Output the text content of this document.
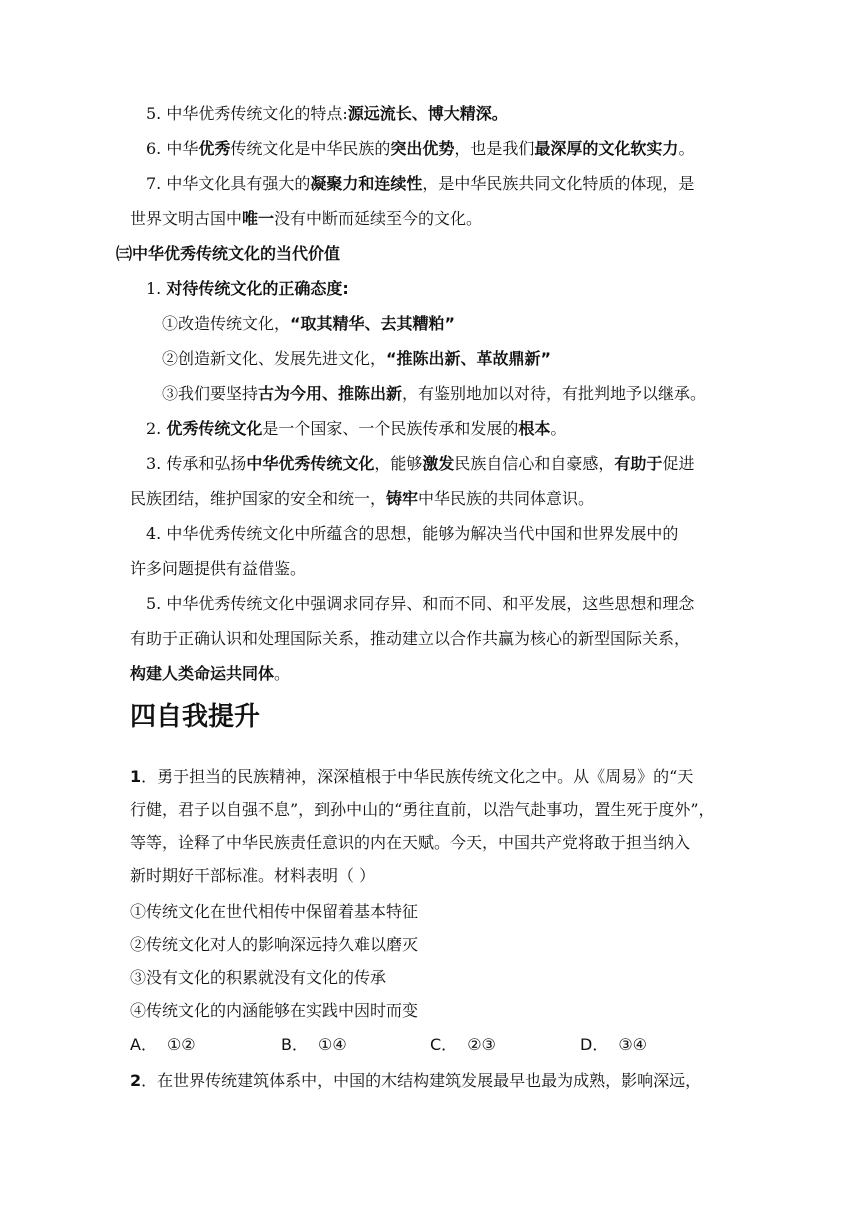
5. 中华优秀传统文化的特点:源远流长、博大精深。
6. 中华优秀传统文化是中华民族的突出优势，也是我们最深厚的文化软实力。
7. 中华文化具有强大的凝聚力和连续性，是中华民族共同文化特质的体现，是
世界文明古国中唯一没有中断而延续至今的文化。
㈢中华优秀传统文化的当代价值
1. 对待传统文化的正确态度:
①改造传统文化，“取其精华、去其糟粕”
②创造新文化、发展先进文化，“推陈出新、革故鼎新”
③我们要坚持古为今用、推陈出新，有鉴别地加以对待，有批判地予以继承。
2. 优秀传统文化是一个国家、一个民族传承和发展的根本。
3. 传承和弘扬中华优秀传统文化，能够激发民族自信心和自豪感，有助于促进
民族团结，维护国家的安全和统一，铸牢中华民族的共同体意识。
4. 中华优秀传统文化中所蕴含的思想，能够为解决当代中国和世界发展中的
许多问题提供有益借鉴。
5. 中华优秀传统文化中强调求同存异、和而不同、和平发展，这些思想和理念
有助于正确认识和处理国际关系，推动建立以合作共赢为核心的新型国际关系，
构建人类命运共同体。
四自我提升
1．勇于担当的民族精神，深深植根于中华民族传统文化之中。从《周易》的“天
行健，君子以自强不息”，到孙中山的“勇往直前，以浩气赴事功，置生死于度外”，
等等，诠释了中华民族责任意识的内在天赋。今天，中国共产党将敢于担当纳入
新时期好干部标准。材料表明（ ）
①传统文化在世代相传中保留着基本特征
②传统文化对人的影响深远持久难以磨灭
③没有文化的积累就没有文化的传承
④传统文化的内涵能够在实践中因时而变
A． ①②	B． ①④	C． ②③	D． ③④
2．在世界传统建筑体系中，中国的木结构建筑发展最早也最为成熟，影响深远，
